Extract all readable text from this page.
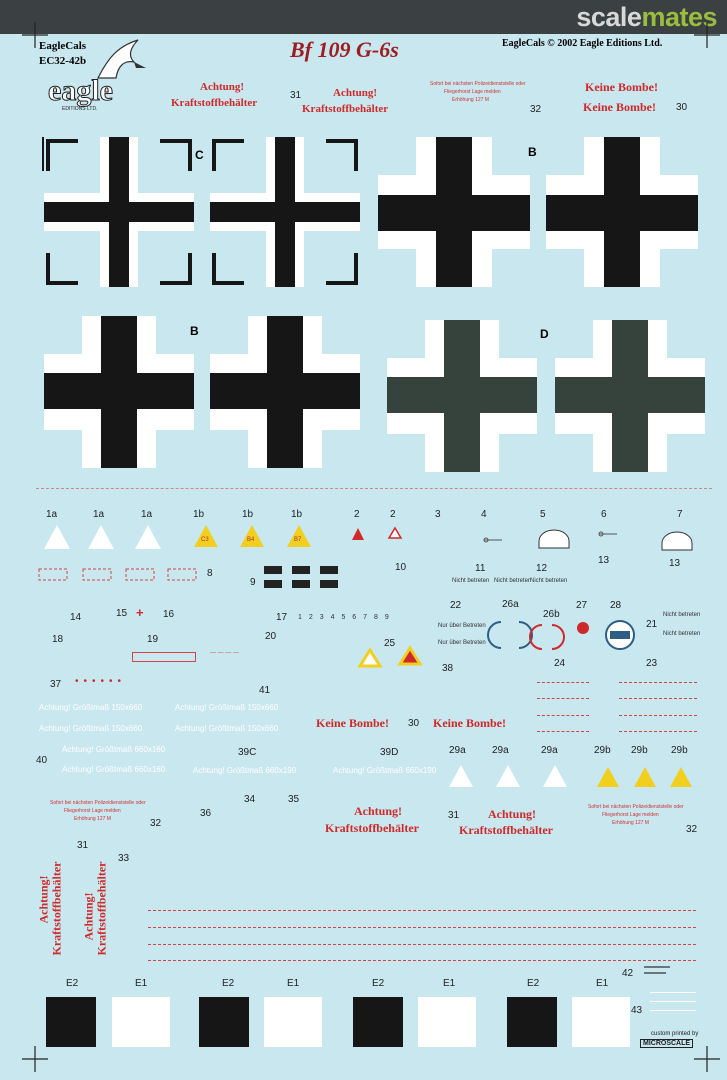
scalemates
EagleCals
EC32-42b
eagle
EDITIONS LTD.
Bf 109 G-6s	EagleCals © 2002 Eagle Editions Ltd.
Achtung!
Kraftstoffbehälter
31	Achtung!
Kraftstoffbehälter
Sofort bei nächsten Polizeidienststelle oder
Fliegerhorst Lage melden
Erhöhung 127 M
32
Keine Bombe!
Keine Bombe! 30
C	B
B	D
1a	1a	1a	1b	1b	1b	2	2	3	4	5	6	7
C3	B4	B7
8
9
10	11	12
13	13
Nicht betreten Nicht betreten
Nicht betreten
14	15 + 16	17 1 2 3 4 5 6 7 8 9
22	26a
26b
27 28
21
Nicht betreten
Nicht betreten
Nur über Betreten
Nur über Betreten
18	19	20
25
— — — —
38	24	23
37 ••••••
41
Achtung! Größtmaß 150x660
Achtung! Größtmaß 150x660
Achtung! Größtmaß 150x660
Achtung! Größtmaß 150x660	Keine Bombe! 30 Keine Bombe!
Achtung! Größtmaß 660x160
40
Achtung! Größtmaß 660x160
39C
Achtung! Größtmaß 660x190
39D
Achtung! Größtmaß 660x190
29a	29a	29a	29b 29b 29b
Sofort bei nächsten Polizeidienststelle oder
Fliegerhorst Lage melden
Erhöhung 127 M	32
36
34	35
Achtung!
Kraftstoffbehälter
31 Achtung!
Kraftstoffbehälter
Sofort bei nächsten Polizeidienststelle oder
Fliegerhorst Lage melden
Erhöhung 127 M
32
31
33
Achtung!
Kraftstoffbehälter Achtung!
Kraftstoffbehälter
E2	E1	E2	E1	E2	E1	E2	E1
42
43
custom printed by
MICROSCALE
